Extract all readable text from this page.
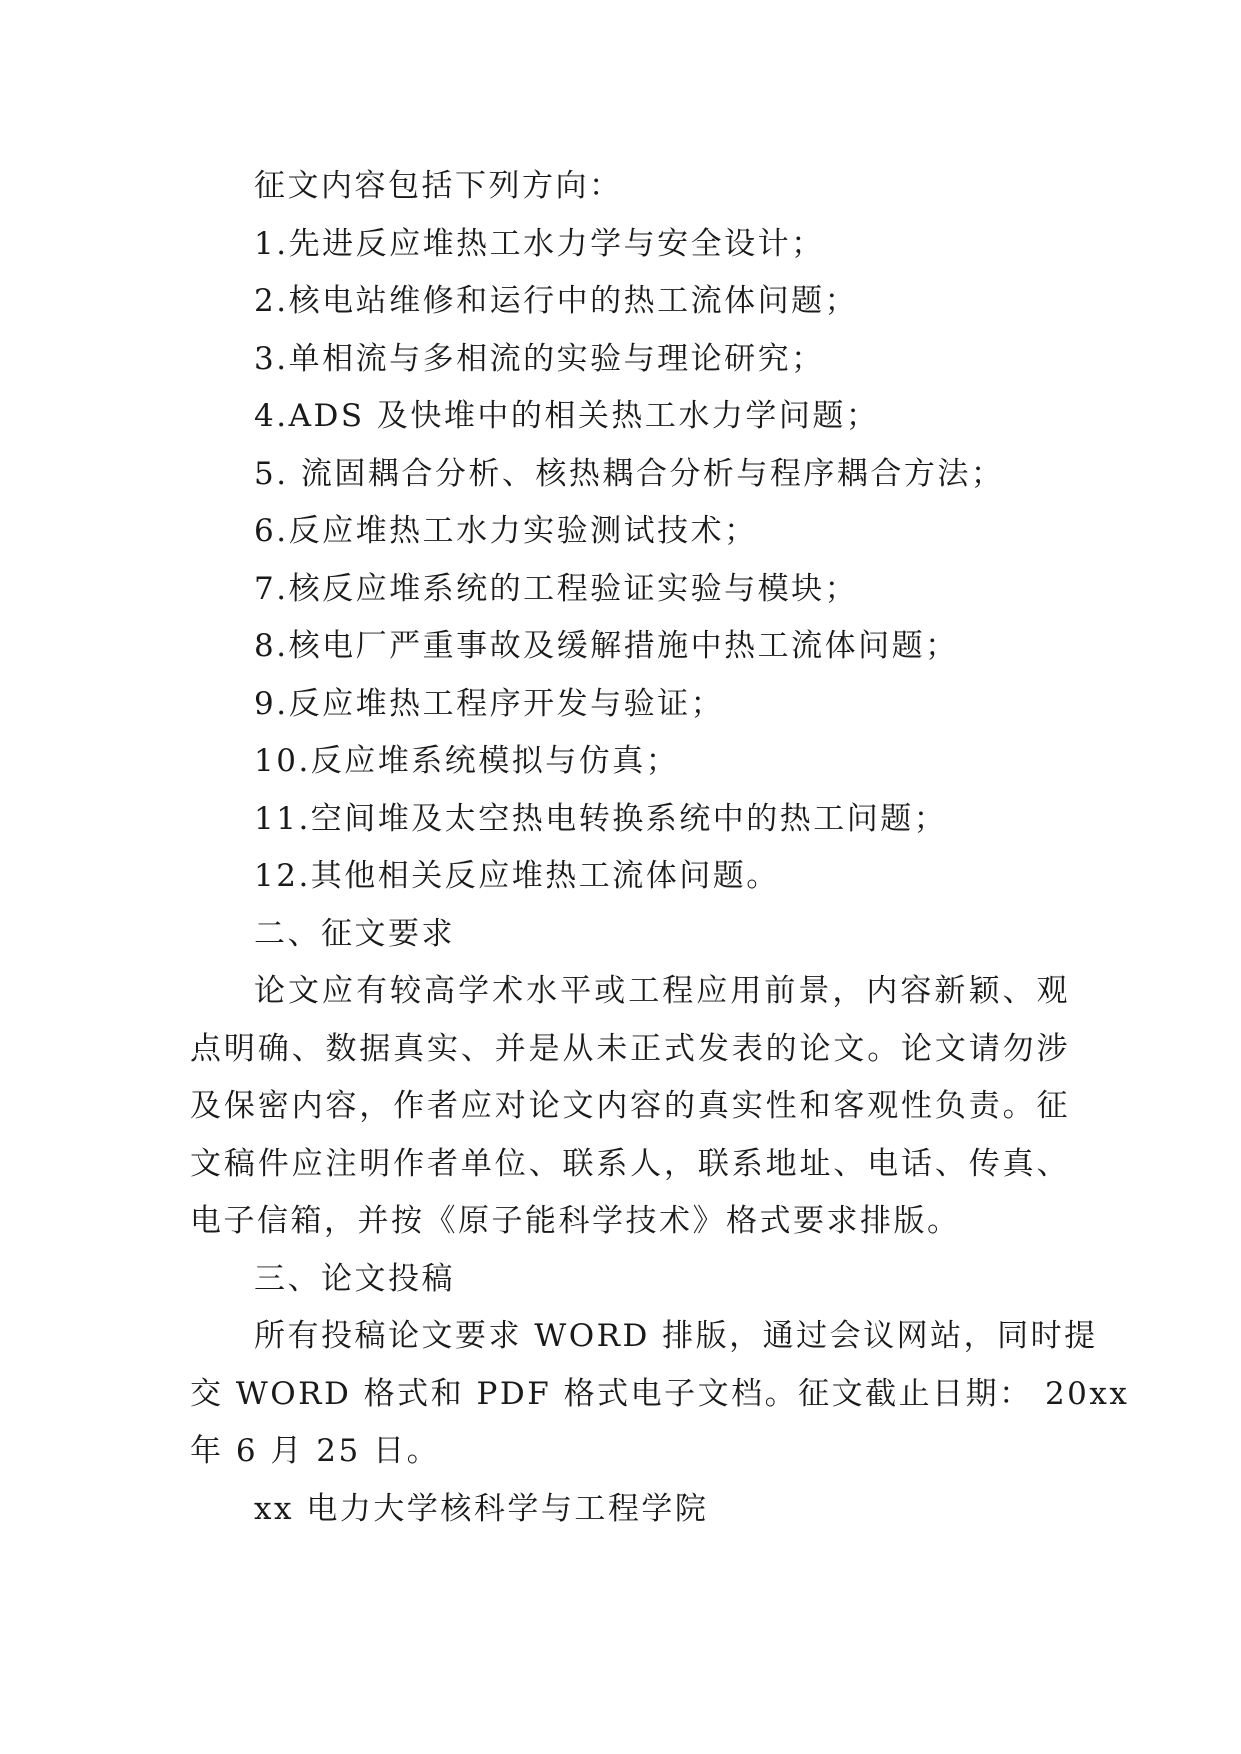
征文内容包括下列方向：
1.先进反应堆热工水力学与安全设计；
2.核电站维修和运行中的热工流体问题；
3.单相流与多相流的实验与理论研究；
4.ADS 及快堆中的相关热工水力学问题；
5. 流固耦合分析、核热耦合分析与程序耦合方法；
6.反应堆热工水力实验测试技术；
7.核反应堆系统的工程验证实验与模块；
8.核电厂严重事故及缓解措施中热工流体问题；
9.反应堆热工程序开发与验证；
10.反应堆系统模拟与仿真；
11.空间堆及太空热电转换系统中的热工问题；
12.其他相关反应堆热工流体问题。
二、征文要求
论文应有较高学术水平或工程应用前景，内容新颖、观
点明确、数据真实、并是从未正式发表的论文。论文请勿涉
及保密内容，作者应对论文内容的真实性和客观性负责。征
文稿件应注明作者单位、联系人，联系地址、电话、传真、
电子信箱，并按《原子能科学技术》格式要求排版。
三、论文投稿
所有投稿论文要求 WORD 排版，通过会议网站，同时提
交 WORD 格式和 PDF 格式电子文档。征文截止日期： 20xx
年 6 月 25 日。
xx 电力大学核科学与工程学院
